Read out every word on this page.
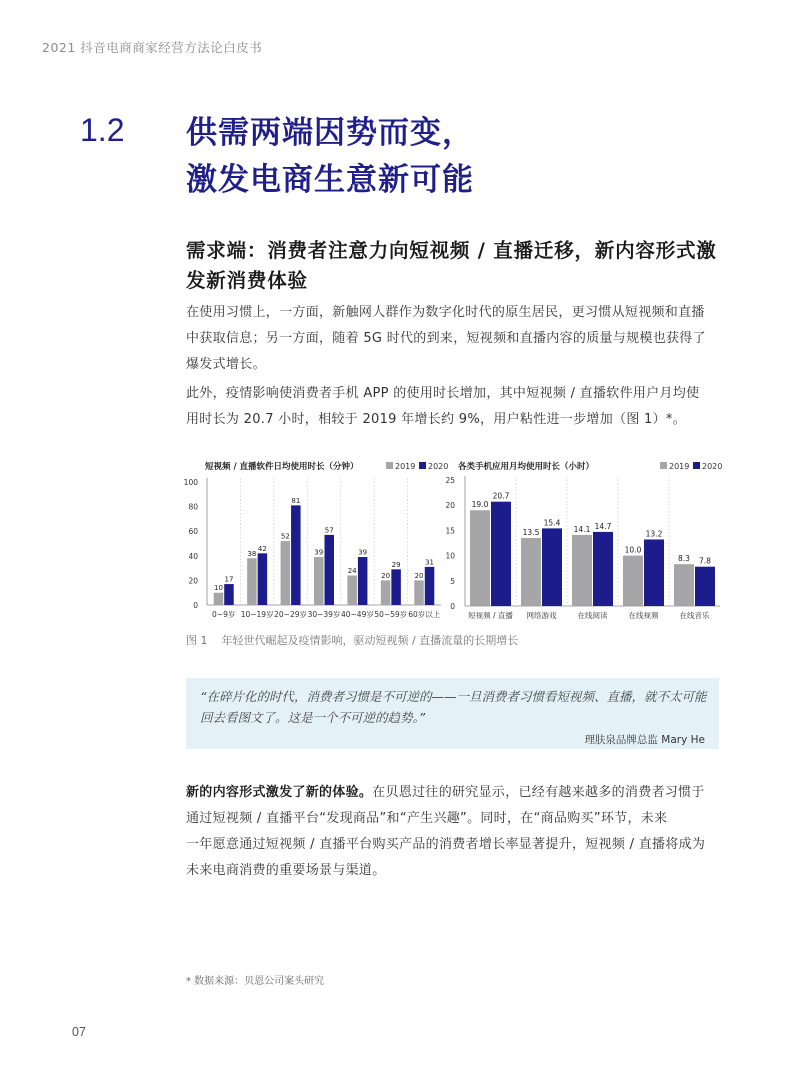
2021 抖音电商商家经营方法论白皮书
1.2 供需两端因势而变，
激发电商生意新可能
需求端：消费者注意力向短视频 / 直播迁移，新内容形式激
发新消费体验
在使用习惯上，一方面，新触网人群作为数字化时代的原生居民，更习惯从短视频和直播
中获取信息；另一方面，随着 5G 时代的到来，短视频和直播内容的质量与规模也获得了
爆发式增长。
此外，疫情影响使消费者手机 APP 的使用时长增加，其中短视频 / 直播软件用户月均使
用时长为 20.7 小时，相较于 2019 年增长约 9%，用户粘性进一步增加（图 1）*。
短视频 / 直播软件日均使用时长（分钟）	2019 2020
0
20
40
60
80
100
10
17
0~9岁
38
42
10~19岁
52
81
20~29岁
39
57
30~39岁
24
39
40~49岁
20
29
50~59岁
20
31
60岁以上
各类手机应用月均使用时长（小时）	2019 2020
0
5
10
15
20
25
19.0
20.7
短视频 / 直播
13.5
15.4
网络游戏
14.1 14.7
在线阅读
10.0
13.2
在线视频
8.3 7.8
在线音乐
图 1 年轻世代崛起及疫情影响，驱动短视频 / 直播流量的长期增长
“在碎片化的时代，消费者习惯是不可逆的——一旦消费者习惯看短视频、直播，就不太可能
回去看图文了。这是一个不可逆的趋势。”
理肤泉品牌总监 Mary He
新的内容形式激发了新的体验。在贝恩过往的研究显示，已经有越来越多的消费者习惯于
通过短视频 / 直播平台“发现商品”和“产生兴趣”。同时，在“商品购买”环节，未来
一年愿意通过短视频 / 直播平台购买产品的消费者增长率显著提升，短视频 / 直播将成为
未来电商消费的重要场景与渠道。
* 数据来源：贝恩公司案头研究
07
